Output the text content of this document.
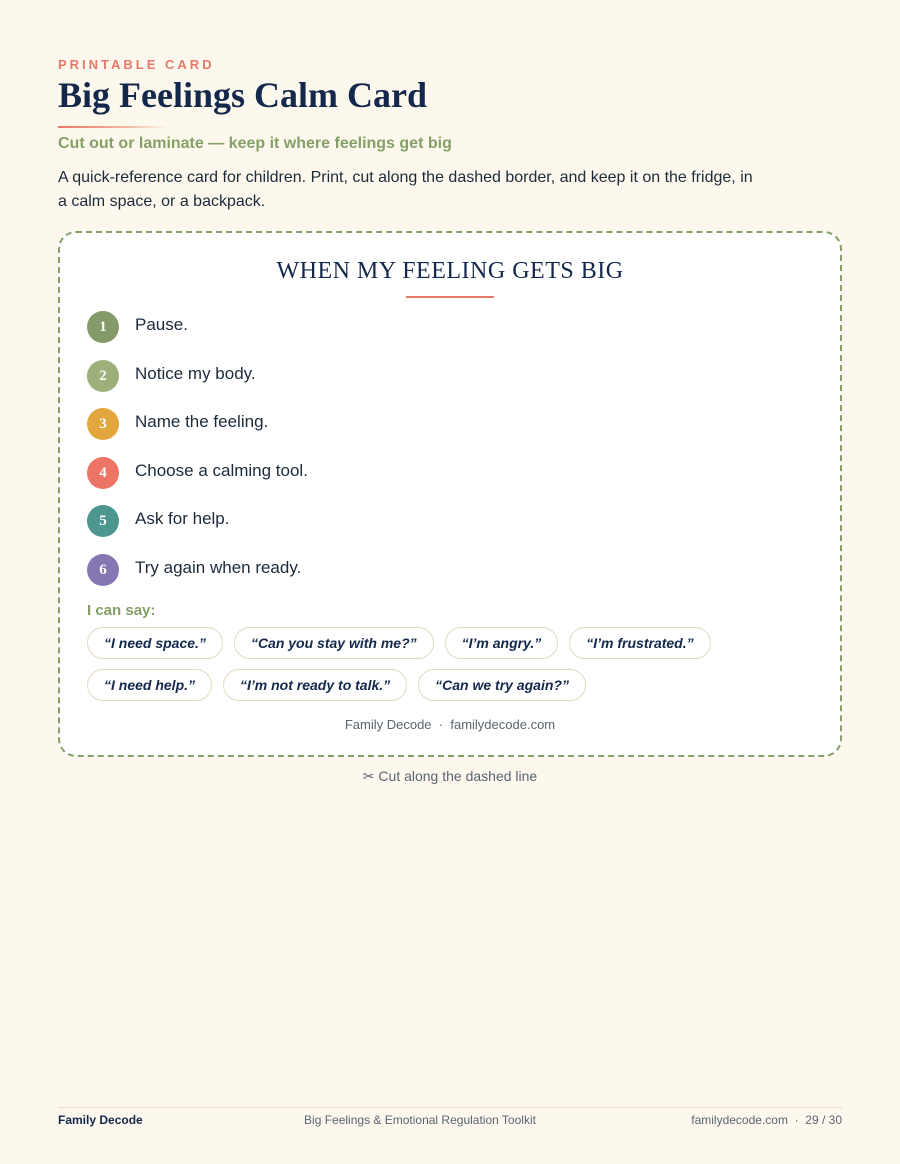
PRINTABLE CARD
Big Feelings Calm Card
Cut out or laminate — keep it where feelings get big

A quick-reference card for children. Print, cut along the dashed border, and keep it on the fridge, in a calm space, or a backpack.

WHEN MY FEELING GETS BIG
1	Pause.
2	Notice my body.
3	Name the feeling.
4	Choose a calming tool.
5	Ask for help.
6	Try again when ready.
I can say:
“I need space.”	“Can you stay with me?”	“I’m angry.”	“I’m frustrated.”
“I need help.”	“I’m not ready to talk.”	“Can we try again?”
Family Decode · familydecode.com
✂ Cut along the dashed line
Family Decode	Big Feelings & Emotional Regulation Toolkit	familydecode.com · 29 / 30
